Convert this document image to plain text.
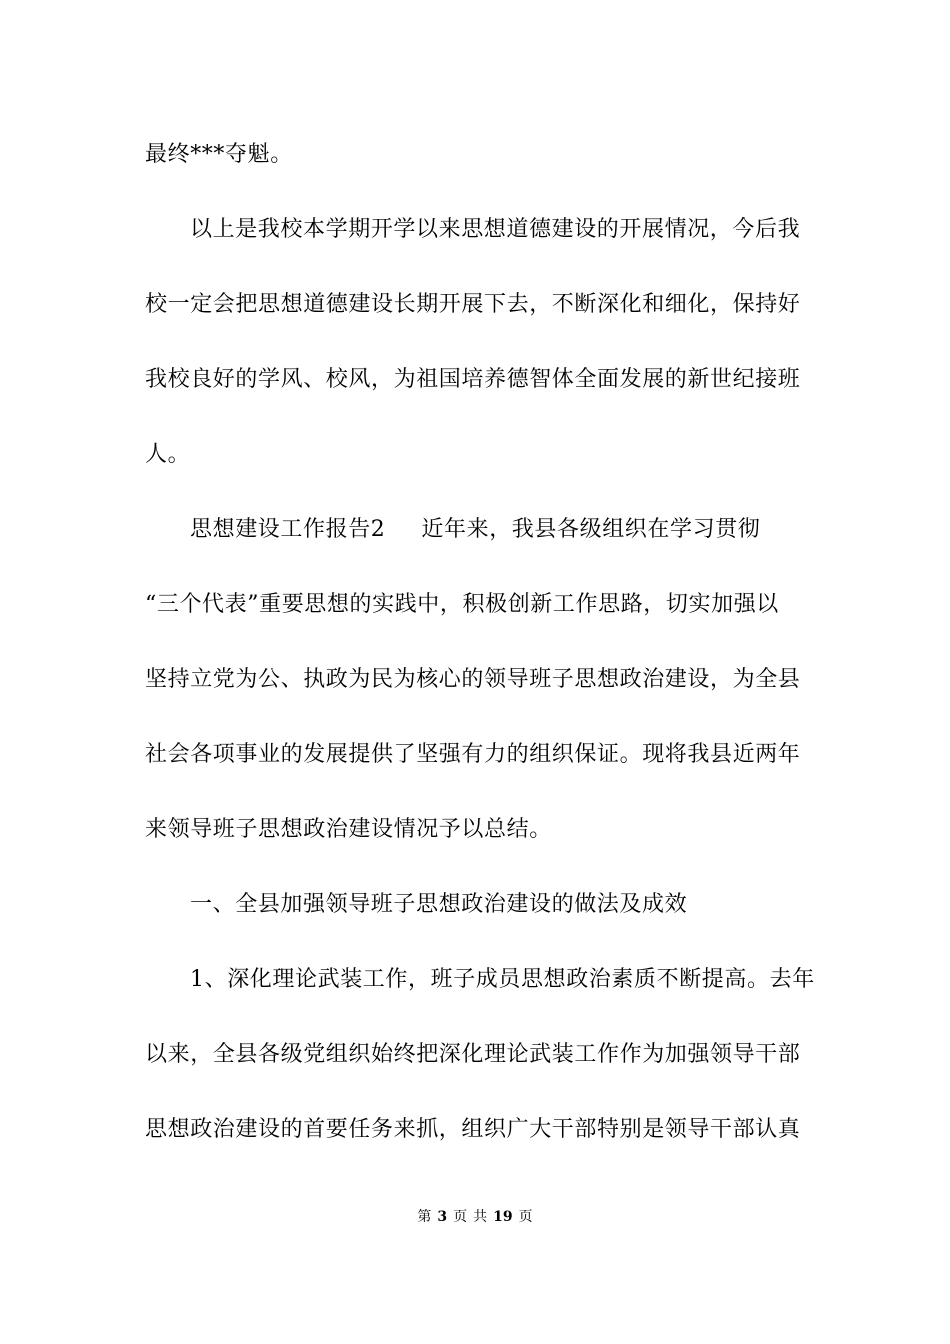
最终***夺魁。
以上是我校本学期开学以来思想道德建设的开展情况，今后我
校一定会把思想道德建设长期开展下去，不断深化和细化，保持好
我校良好的学风、校风，为祖国培养德智体全面发展的新世纪接班
人。
思想建设工作报告2 近年来，我县各级组织在学习贯彻
“三个代表”重要思想的实践中，积极创新工作思路，切实加强以
坚持立党为公、执政为民为核心的领导班子思想政治建设，为全县
社会各项事业的发展提供了坚强有力的组织保证。现将我县近两年
来领导班子思想政治建设情况予以总结。
一、全县加强领导班子思想政治建设的做法及成效
1、深化理论武装工作，班子成员思想政治素质不断提高。去年
以来，全县各级党组织始终把深化理论武装工作作为加强领导干部
思想政治建设的首要任务来抓，组织广大干部特别是领导干部认真
第 3 页 共 19 页
